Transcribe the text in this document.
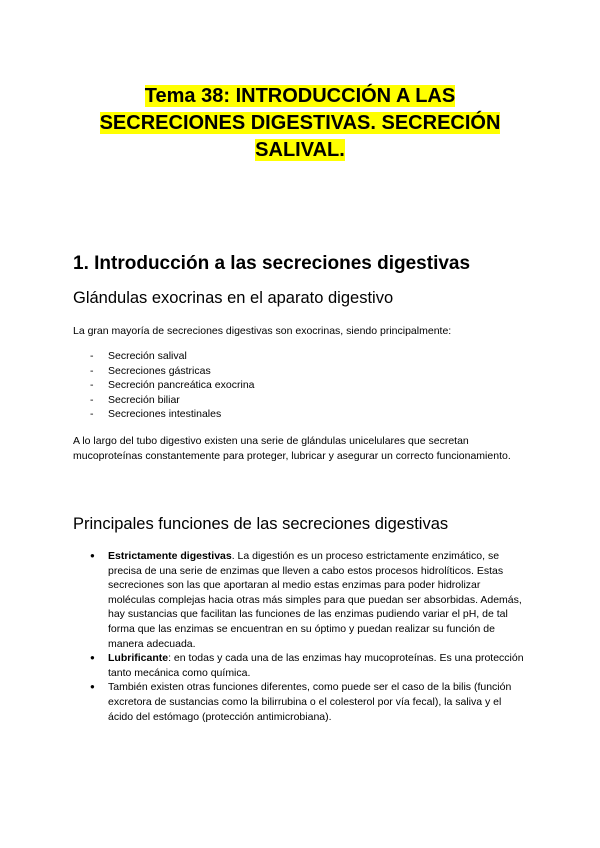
Tema 38: INTRODUCCIÓN A LAS
SECRECIONES DIGESTIVAS. SECRECIÓN
SALIVAL.
1. Introducción a las secreciones digestivas
Glándulas exocrinas en el aparato digestivo

La gran mayoría de secreciones digestivas son exocrinas, siendo principalmente:

- Secreción salival
- Secreciones gástricas
- Secreción pancreática exocrina
- Secreción biliar
- Secreciones intestinales

A lo largo del tubo digestivo existen una serie de glándulas unicelulares que secretan mucoproteínas constantemente para proteger, lubricar y asegurar un correcto funcionamiento.

Principales funciones de las secreciones digestivas
● Estrictamente digestivas. La digestión es un proceso estrictamente enzimático, se precisa de una serie de enzimas que lleven a cabo estos procesos hidrolíticos. Estas secreciones son las que aportaran al medio estas enzimas para poder hidrolizar moléculas complejas hacia otras más simples para que puedan ser absorbidas. Además, hay sustancias que facilitan las funciones de las enzimas pudiendo variar el pH, de tal forma que las enzimas se encuentran en su óptimo y puedan realizar su función de manera adecuada.
● Lubrificante: en todas y cada una de las enzimas hay mucoproteínas. Es una protección tanto mecánica como química.
● También existen otras funciones diferentes, como puede ser el caso de la bilis (función excretora de sustancias como la bilirrubina o el colesterol por vía fecal), la saliva y el ácido del estómago (protección antimicrobiana).
